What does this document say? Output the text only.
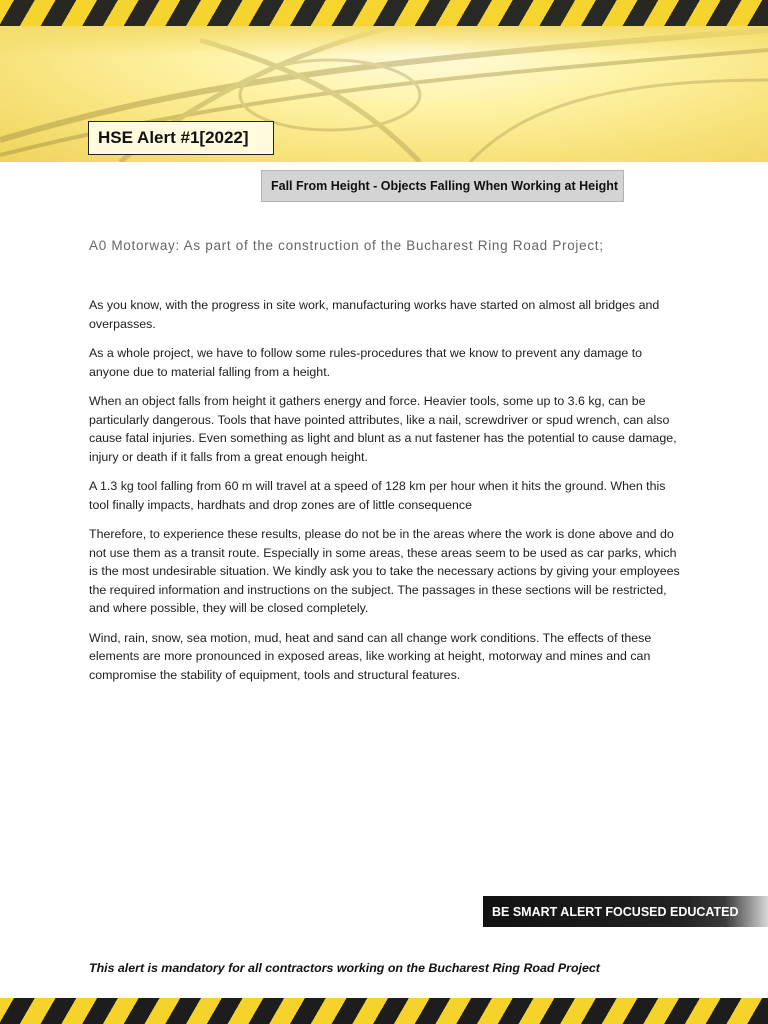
HSE Alert #1[2022]
Fall From Height - Objects Falling When Working at Height
A0 Motorway: As part of the construction of the Bucharest Ring Road Project;

As you know, with the progress in site work, manufacturing works have started on almost all bridges and overpasses.

As a whole project, we have to follow some rules-procedures that we know to prevent any damage to anyone due to material falling from a height.

When an object falls from height it gathers energy and force. Heavier tools, some up to 3.6 kg, can be particularly dangerous. Tools that have pointed attributes, like a nail, screwdriver or spud wrench, can also cause fatal injuries. Even something as light and blunt as a nut fastener has the potential to cause damage, injury or death if it falls from a great enough height.

A 1.3 kg tool falling from 60 m will travel at a speed of 128 km per hour when it hits the ground. When this tool finally impacts, hardhats and drop zones are of little consequence

Therefore, to experience these results, please do not be in the areas where the work is done above and do not use them as a transit route. Especially in some areas, these areas seem to be used as car parks, which is the most undesirable situation. We kindly ask you to take the necessary actions by giving your employees the required information and instructions on the subject. The passages in these sections will be restricted, and where possible, they will be closed completely.

Wind, rain, snow, sea motion, mud, heat and sand can all change work conditions. The effects of these elements are more pronounced in exposed areas, like working at height, motorway and mines and can compromise the stability of equipment, tools and structural features.

BE SMART ALERT FOCUSED EDUCATED
This alert is mandatory for all contractors working on the Bucharest Ring Road Project
